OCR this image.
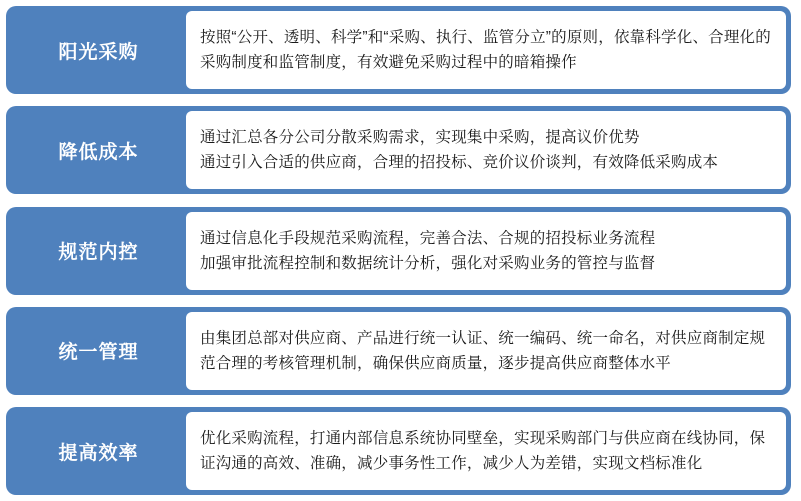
阳光采购

按照“公开、透明、科学”和“采购、执行、监管分立”的原则，依靠科学化、合理化的采购制度和监管制度，有效避免采购过程中的暗箱操作

降低成本

通过汇总各分公司分散采购需求，实现集中采购，提高议价优势

通过引入合适的供应商，合理的招投标、竞价议价谈判，有效降低采购成本

规范内控

通过信息化手段规范采购流程，完善合法、合规的招投标业务流程

加强审批流程控制和数据统计分析，强化对采购业务的管控与监督

统一管理

由集团总部对供应商、产品进行统一认证、统一编码、统一命名，对供应商制定规范合理的考核管理机制，确保供应商质量，逐步提高供应商整体水平

提高效率

优化采购流程，打通内部信息系统协同壁垒，实现采购部门与供应商在线协同，保证沟通的高效、准确，减少事务性工作，减少人为差错，实现文档标准化
